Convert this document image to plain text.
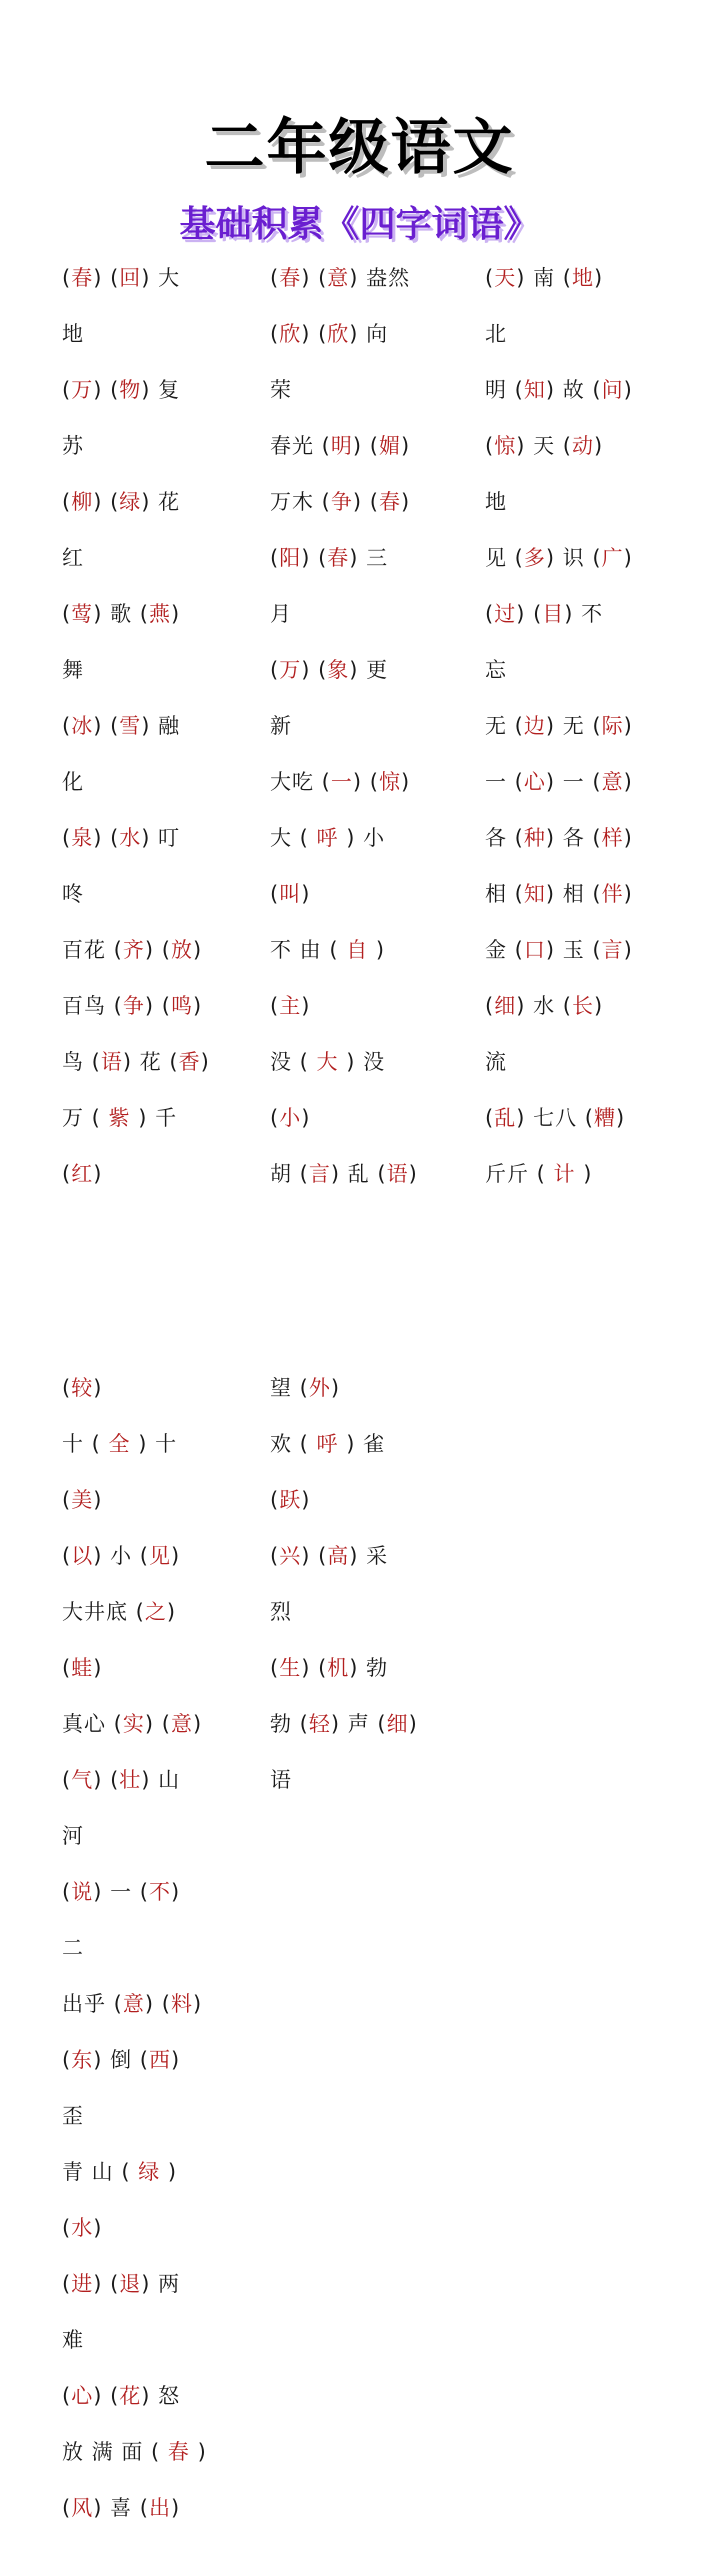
二年级语文
基础积累《四字词语》
(春) (回) 大
地
(万) (物) 复
苏
(柳) (绿) 花
红
(莺) 歌 (燕)
舞
(冰) (雪) 融
化
(泉) (水) 叮
咚
百花 (齐) (放)
百鸟 (争) (鸣)
鸟 (语) 花 (香)
万 ( 紫 ) 千
(红)
(春) (意) 盎然
(欣) (欣) 向
荣
春光 (明) (媚)
万木 (争) (春)
(阳) (春) 三
月
(万) (象) 更
新
大吃 (一) (惊)
大 ( 呼 ) 小
(叫)
不 由 ( 自 )
(主)
没 ( 大 ) 没
(小)
胡 (言) 乱 (语)
(天) 南 (地)
北
明 (知) 故 (问)
(惊) 天 (动)
地
见 (多) 识 (广)
(过) (目) 不
忘
无 (边) 无 (际)
一 (心) 一 (意)
各 (种) 各 (样)
相 (知) 相 (伴)
金 (口) 玉 (言)
(细) 水 (长)
流
(乱) 七八 (糟)
斤斤 ( 计 )
(较)
十 ( 全 ) 十
(美)
(以) 小 (见)
大井底 (之)
(蛙)
真心 (实) (意)
(气) (壮) 山
河
(说) 一 (不)
二
出乎 (意) (料)
(东) 倒 (西)
歪
青 山 ( 绿 )
(水)
(进) (退) 两
难
(心) (花) 怒
放 满 面 ( 春 )
(风) 喜 (出)
望 (外)
欢 ( 呼 ) 雀
(跃)
(兴) (高) 采
烈
(生) (机) 勃
勃 (轻) 声 (细)
语
